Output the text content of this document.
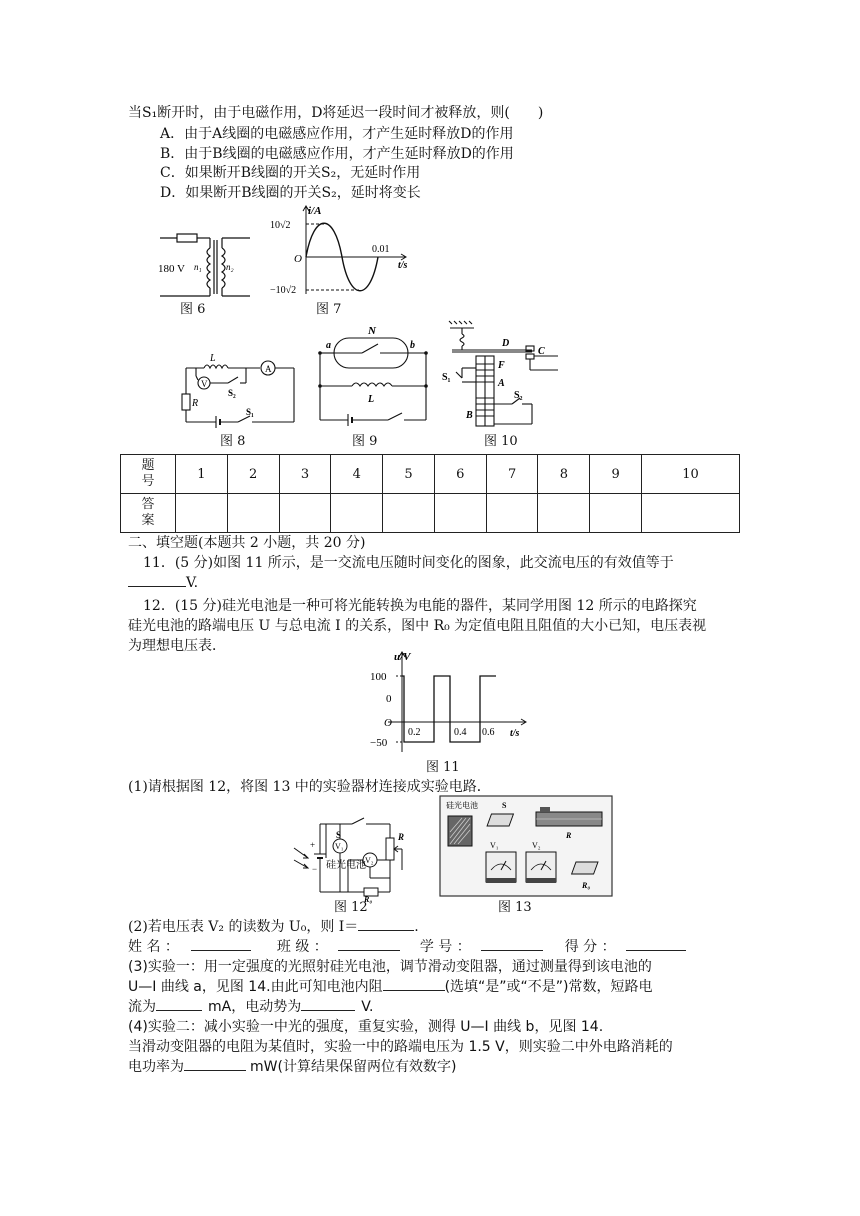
当S₁断开时，由于电磁作用，D将延迟一段时间才被释放，则(　　)
A．由于A线圈的电磁感应作用，才产生延时释放D的作用
B．由于B线圈的电磁感应作用，才产生延时释放D的作用
C．如果断开B线圈的开关S₂，无延时作用
D．如果断开B线圈的开关S₂，延时将变长
180 V n₁	n₂
图 6
i/A
10√2
−10√2
O
0.01
t/s
图 7
L
V
A
S₂
R
S₁
图 8
N
a	b
L
图 9
D
C
F
S₁
A
B
S₂
图 10
题号	1	2	3	4	5	6	7	8	9	10
答案										
二、填空题(本题共 2 小题，共 20 分)
11．(5 分)如图 11 所示，是一交流电压随时间变化的图象，此交流电压的有效值等于
V.
12．(15 分)硅光电池是一种可将光能转换为电能的器件，某同学用图 12 所示的电路探究
硅光电池的路端电压 U 与总电流 I 的关系，图中 R₀ 为定值电阻且阻值的大小已知，电压表视
为理想电压表．
u/V
100
0
O
−50
0.2	0.4 0.6 t/s
图 11
(1)请根据图 12，将图 13 中的实验器材连接成实验电路．
+
−
S
V₁
V₂
R
R₀
硅光电池
图 12
硅光电池	S
R
V₁	V₂
R₀
图 13
(2)若电压表 V₂ 的读数为 U₀，则 I＝	.
姓 名 ：	班 级 ：	学 号 ：	得 分 ：
(3)实验一：用一定强度的光照射硅光电池，调节滑动变阻器，通过测量得到该电池的
U—I 曲线 a，见图 14.由此可知电池内阻	(选填“是”或“不是”)常数，短路电
流为	mA，电动势为	V.
(4)实验二：减小实验一中光的强度，重复实验，测得 U—I 曲线 b，见图 14.
当滑动变阻器的电阻为某值时，实验一中的路端电压为 1.5 V，则实验二中外电路消耗的
电功率为	mW(计算结果保留两位有效数字)
